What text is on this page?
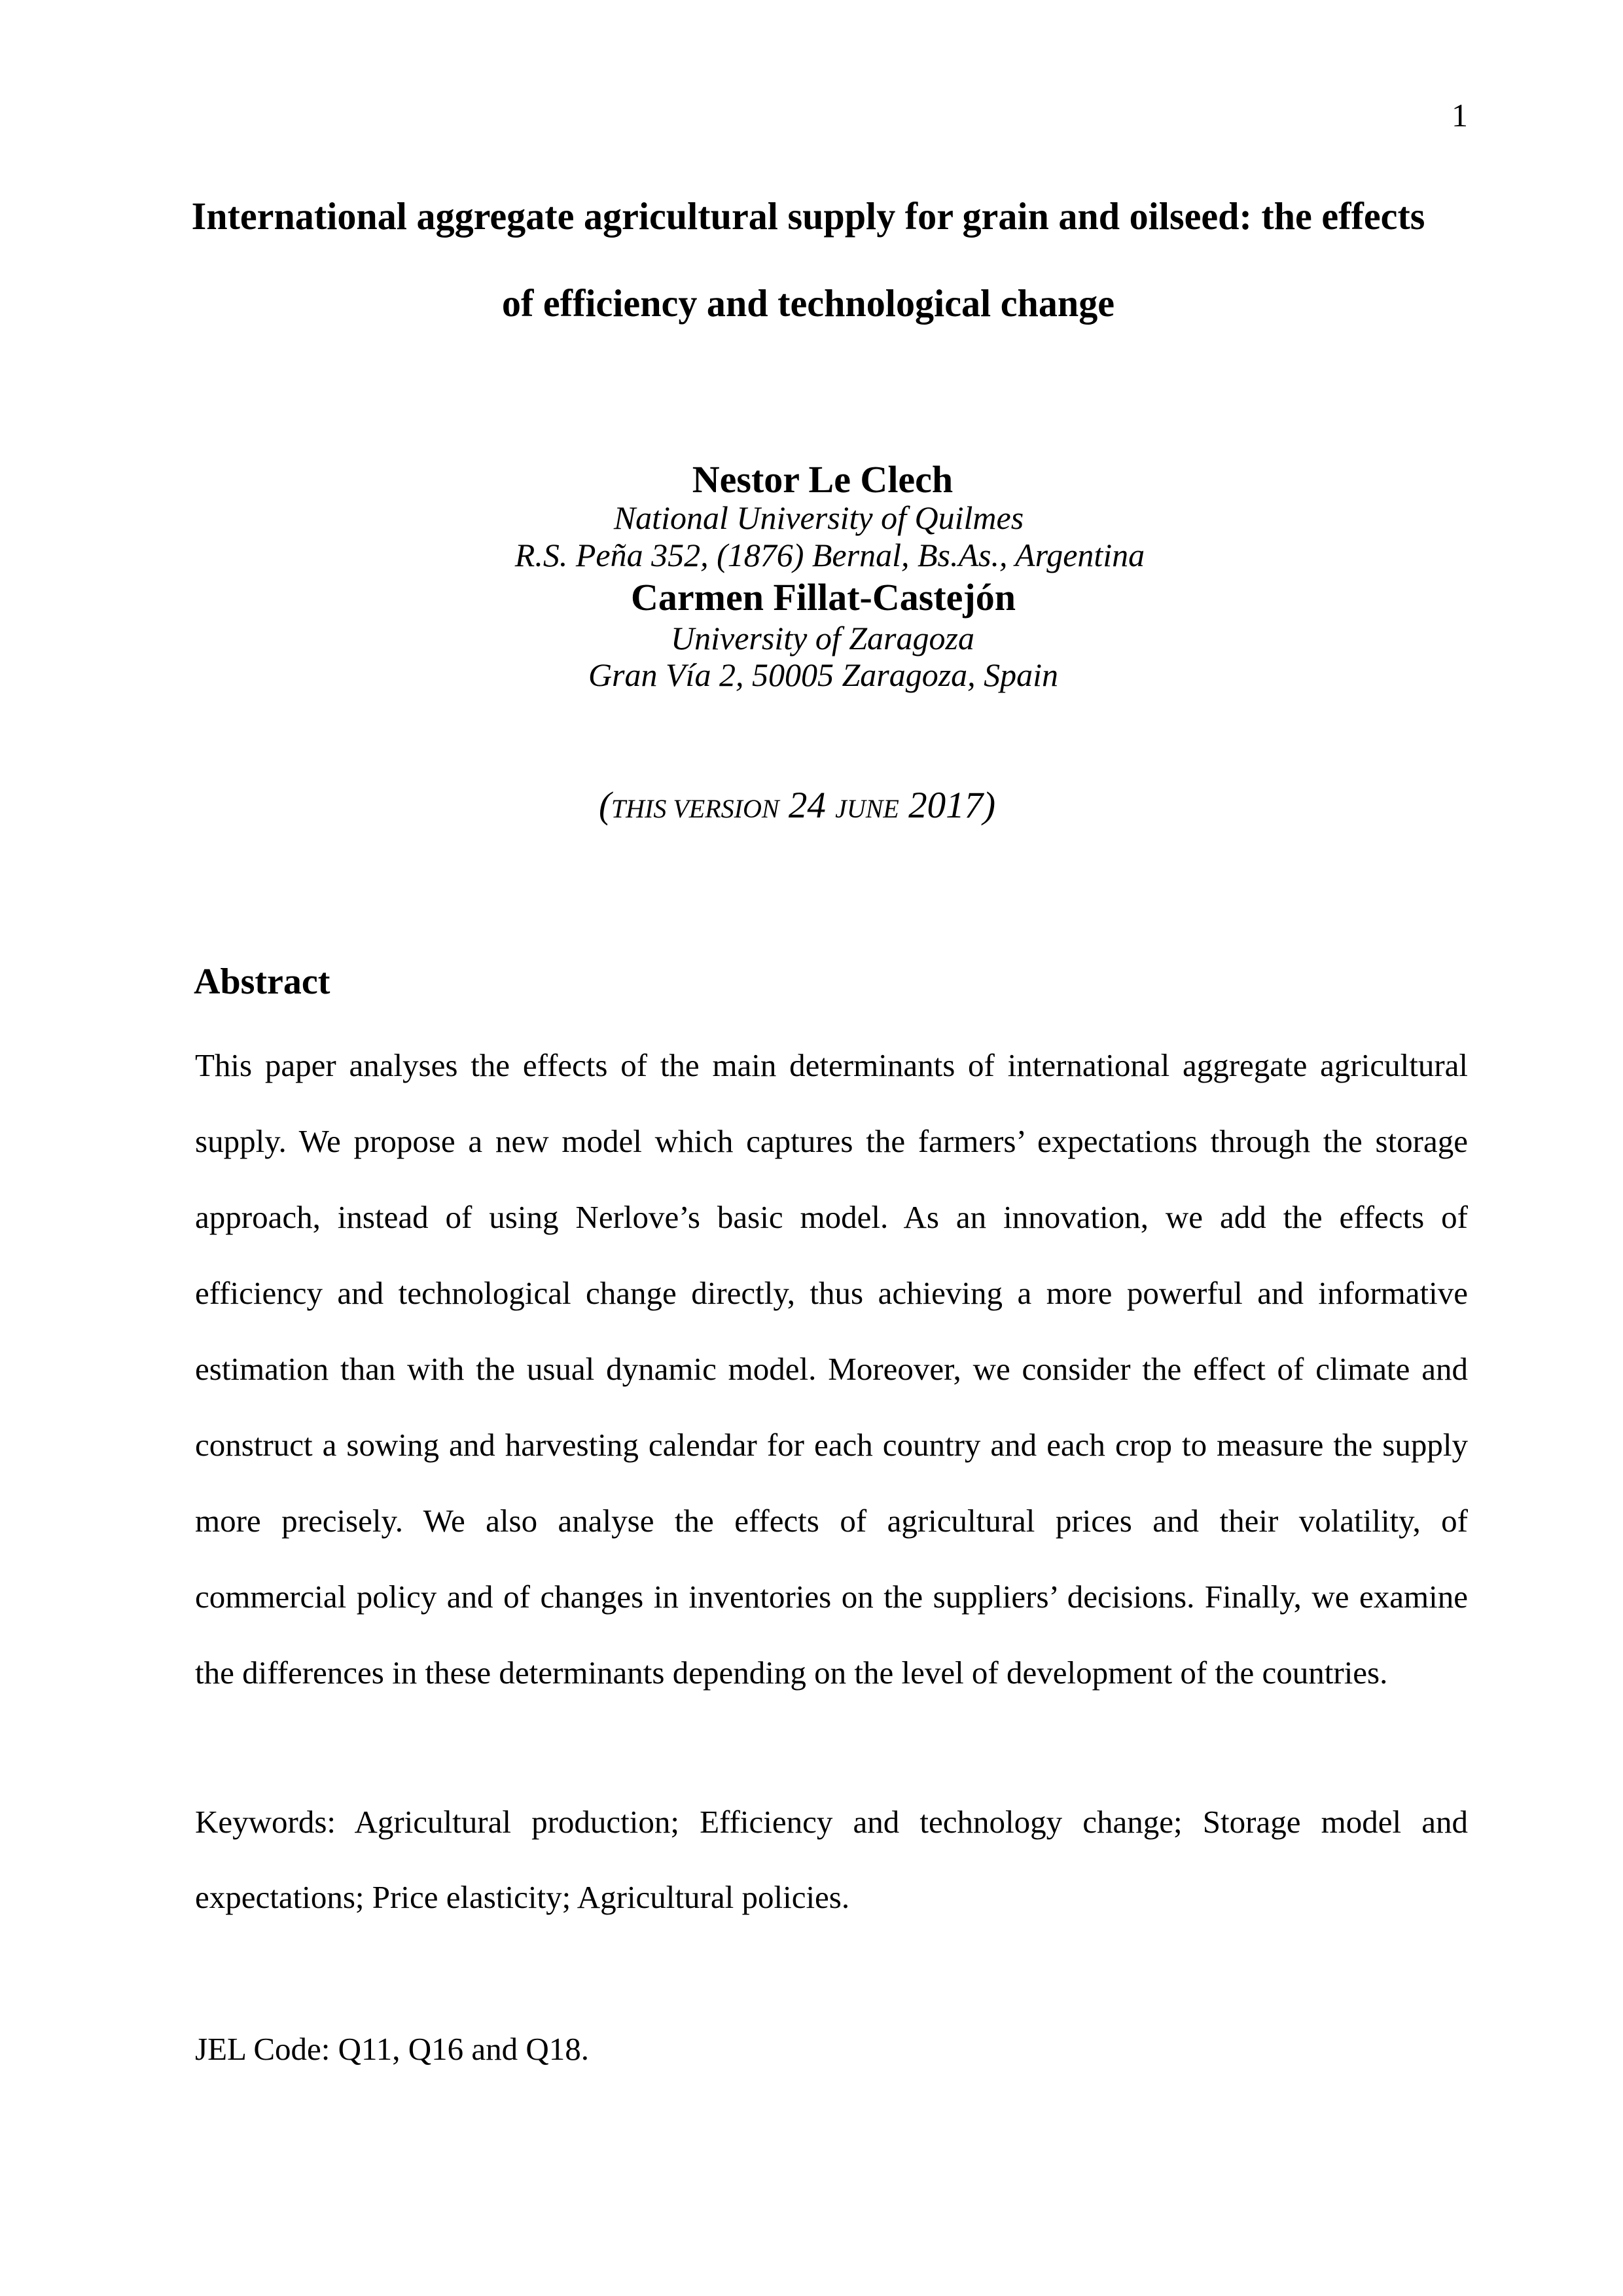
1
International aggregate agricultural supply for grain and oilseed: the effects
of efficiency and technological change
Nestor Le Clech
National University of Quilmes
R.S. Peña 352, (1876) Bernal, Bs.As., Argentina
Carmen Fillat-Castejón
University of Zaragoza
Gran Vía 2, 50005 Zaragoza, Spain
(THIS VERSION 24 JUNE 2017)
Abstract
This paper analyses the effects of the main determinants of international aggregate agricultural
supply. We propose a new model which captures the farmers’ expectations through the storage
approach, instead of using Nerlove’s basic model. As an innovation, we add the effects of
efficiency and technological change directly, thus achieving a more powerful and informative
estimation than with the usual dynamic model. Moreover, we consider the effect of climate and
construct a sowing and harvesting calendar for each country and each crop to measure the supply
more precisely. We also analyse the effects of agricultural prices and their volatility, of
commercial policy and of changes in inventories on the suppliers’ decisions. Finally, we examine
the differences in these determinants depending on the level of development of the countries.
Keywords: Agricultural production; Efficiency and technology change; Storage model and
expectations; Price elasticity; Agricultural policies.
JEL Code: Q11, Q16 and Q18.
